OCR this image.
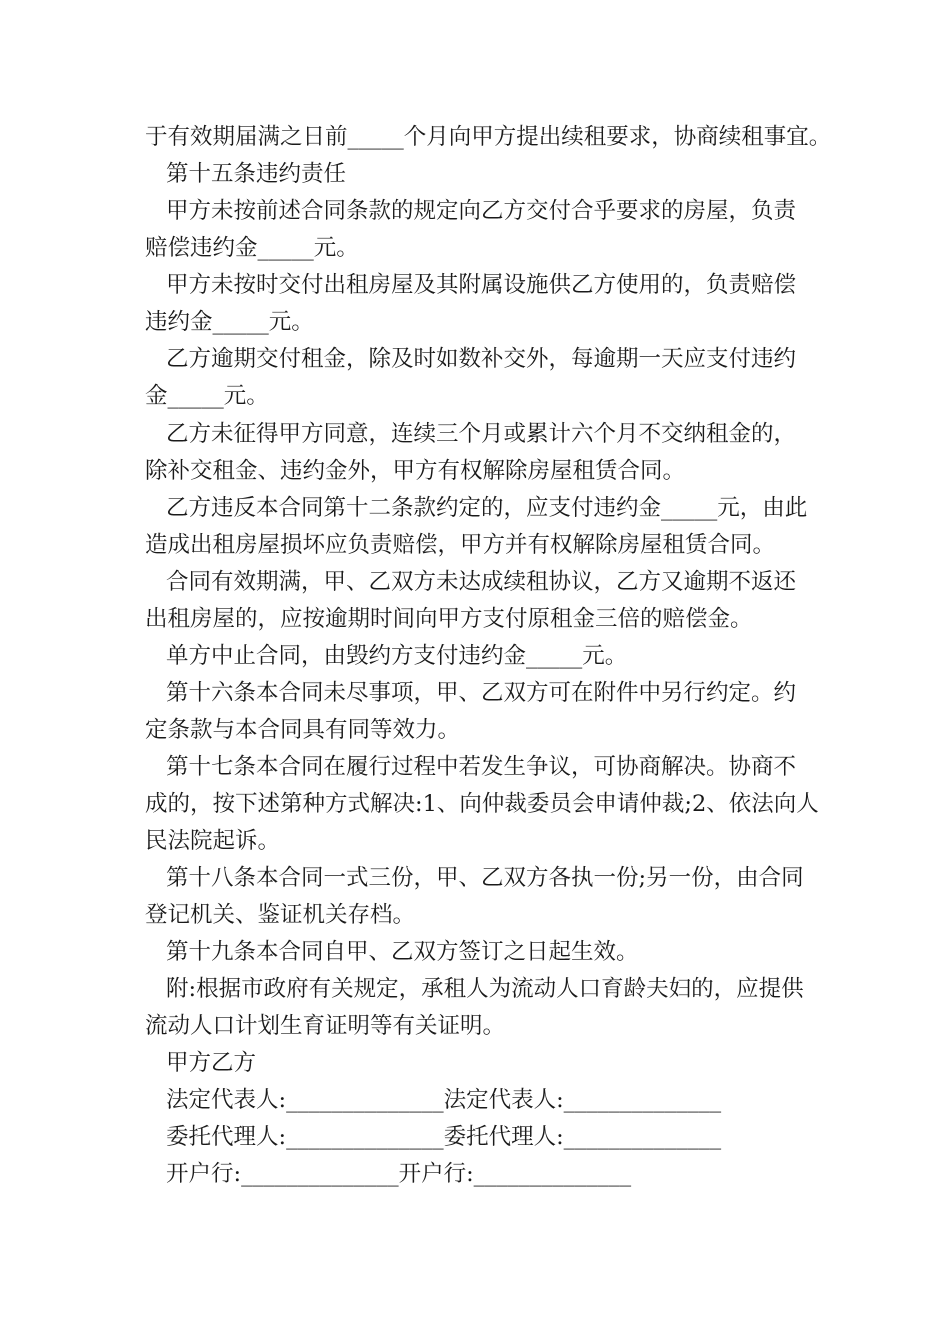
于有效期届满之日前_____个月向甲方提出续租要求，协商续租事宜。
第十五条违约责任
甲方未按前述合同条款的规定向乙方交付合乎要求的房屋，负责
赔偿违约金_____元。
甲方未按时交付出租房屋及其附属设施供乙方使用的，负责赔偿
违约金_____元。
乙方逾期交付租金，除及时如数补交外，每逾期一天应支付违约
金_____元。
乙方未征得甲方同意，连续三个月或累计六个月不交纳租金的，
除补交租金、违约金外，甲方有权解除房屋租赁合同。
乙方违反本合同第十二条款约定的，应支付违约金_____元，由此
造成出租房屋损坏应负责赔偿，甲方并有权解除房屋租赁合同。
合同有效期满，甲、乙双方未达成续租协议，乙方又逾期不返还
出租房屋的，应按逾期时间向甲方支付原租金三倍的赔偿金。
单方中止合同，由毁约方支付违约金_____元。
第十六条本合同未尽事项，甲、乙双方可在附件中另行约定。约
定条款与本合同具有同等效力。
第十七条本合同在履行过程中若发生争议，可协商解决。协商不
成的，按下述第种方式解决:1、向仲裁委员会申请仲裁;2、依法向人
民法院起诉。
第十八条本合同一式三份，甲、乙双方各执一份;另一份，由合同
登记机关、鉴证机关存档。
第十九条本合同自甲、乙双方签订之日起生效。
附:根据市政府有关规定，承租人为流动人口育龄夫妇的，应提供
流动人口计划生育证明等有关证明。
甲方乙方
法定代表人:______________法定代表人:______________
委托代理人:______________委托代理人:______________
开户行:______________开户行:______________
